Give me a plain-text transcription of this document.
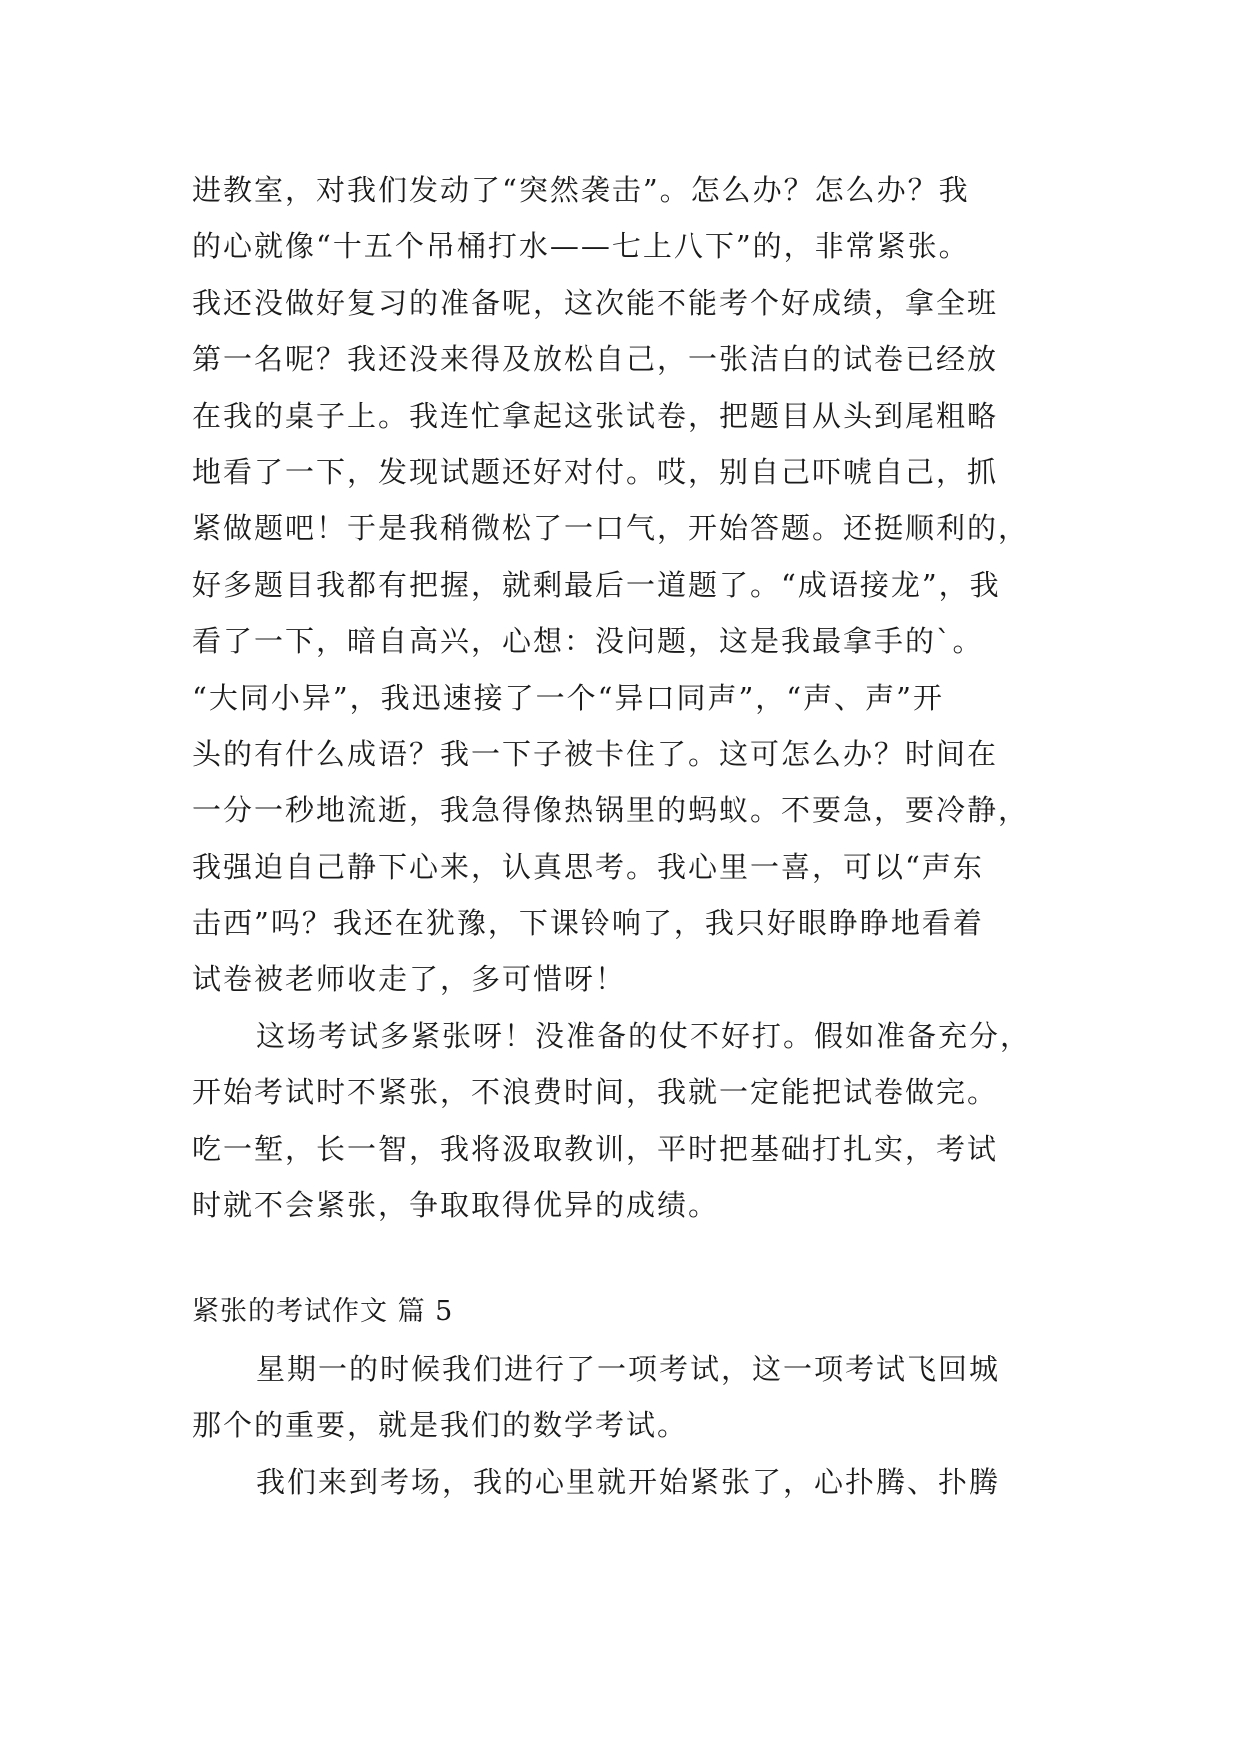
进教室，对我们发动了“突然袭击”。怎么办？怎么办？我
的心就像“十五个吊桶打水——七上八下”的，非常紧张。
我还没做好复习的准备呢，这次能不能考个好成绩，拿全班
第一名呢？我还没来得及放松自己，一张洁白的试卷已经放
在我的桌子上。我连忙拿起这张试卷，把题目从头到尾粗略
地看了一下，发现试题还好对付。哎，别自己吓唬自己，抓
紧做题吧！于是我稍微松了一口气，开始答题。还挺顺利的，
好多题目我都有把握，就剩最后一道题了。“成语接龙”，我
看了一下，暗自高兴，心想：没问题，这是我最拿手的`。
“大同小异”，我迅速接了一个“异口同声”，“声、声”开
头的有什么成语？我一下子被卡住了。这可怎么办？时间在
一分一秒地流逝，我急得像热锅里的蚂蚁。不要急，要冷静，
我强迫自己静下心来，认真思考。我心里一喜，可以“声东
击西”吗？我还在犹豫，下课铃响了，我只好眼睁睁地看着
试卷被老师收走了，多可惜呀！
这场考试多紧张呀！没准备的仗不好打。假如准备充分，
开始考试时不紧张，不浪费时间，我就一定能把试卷做完。
吃一堑，长一智，我将汲取教训，平时把基础打扎实，考试
时就不会紧张，争取取得优异的成绩。
紧张的考试作文 篇 5
星期一的时候我们进行了一项考试，这一项考试飞回城
那个的重要，就是我们的数学考试。
我们来到考场，我的心里就开始紧张了，心扑腾、扑腾
